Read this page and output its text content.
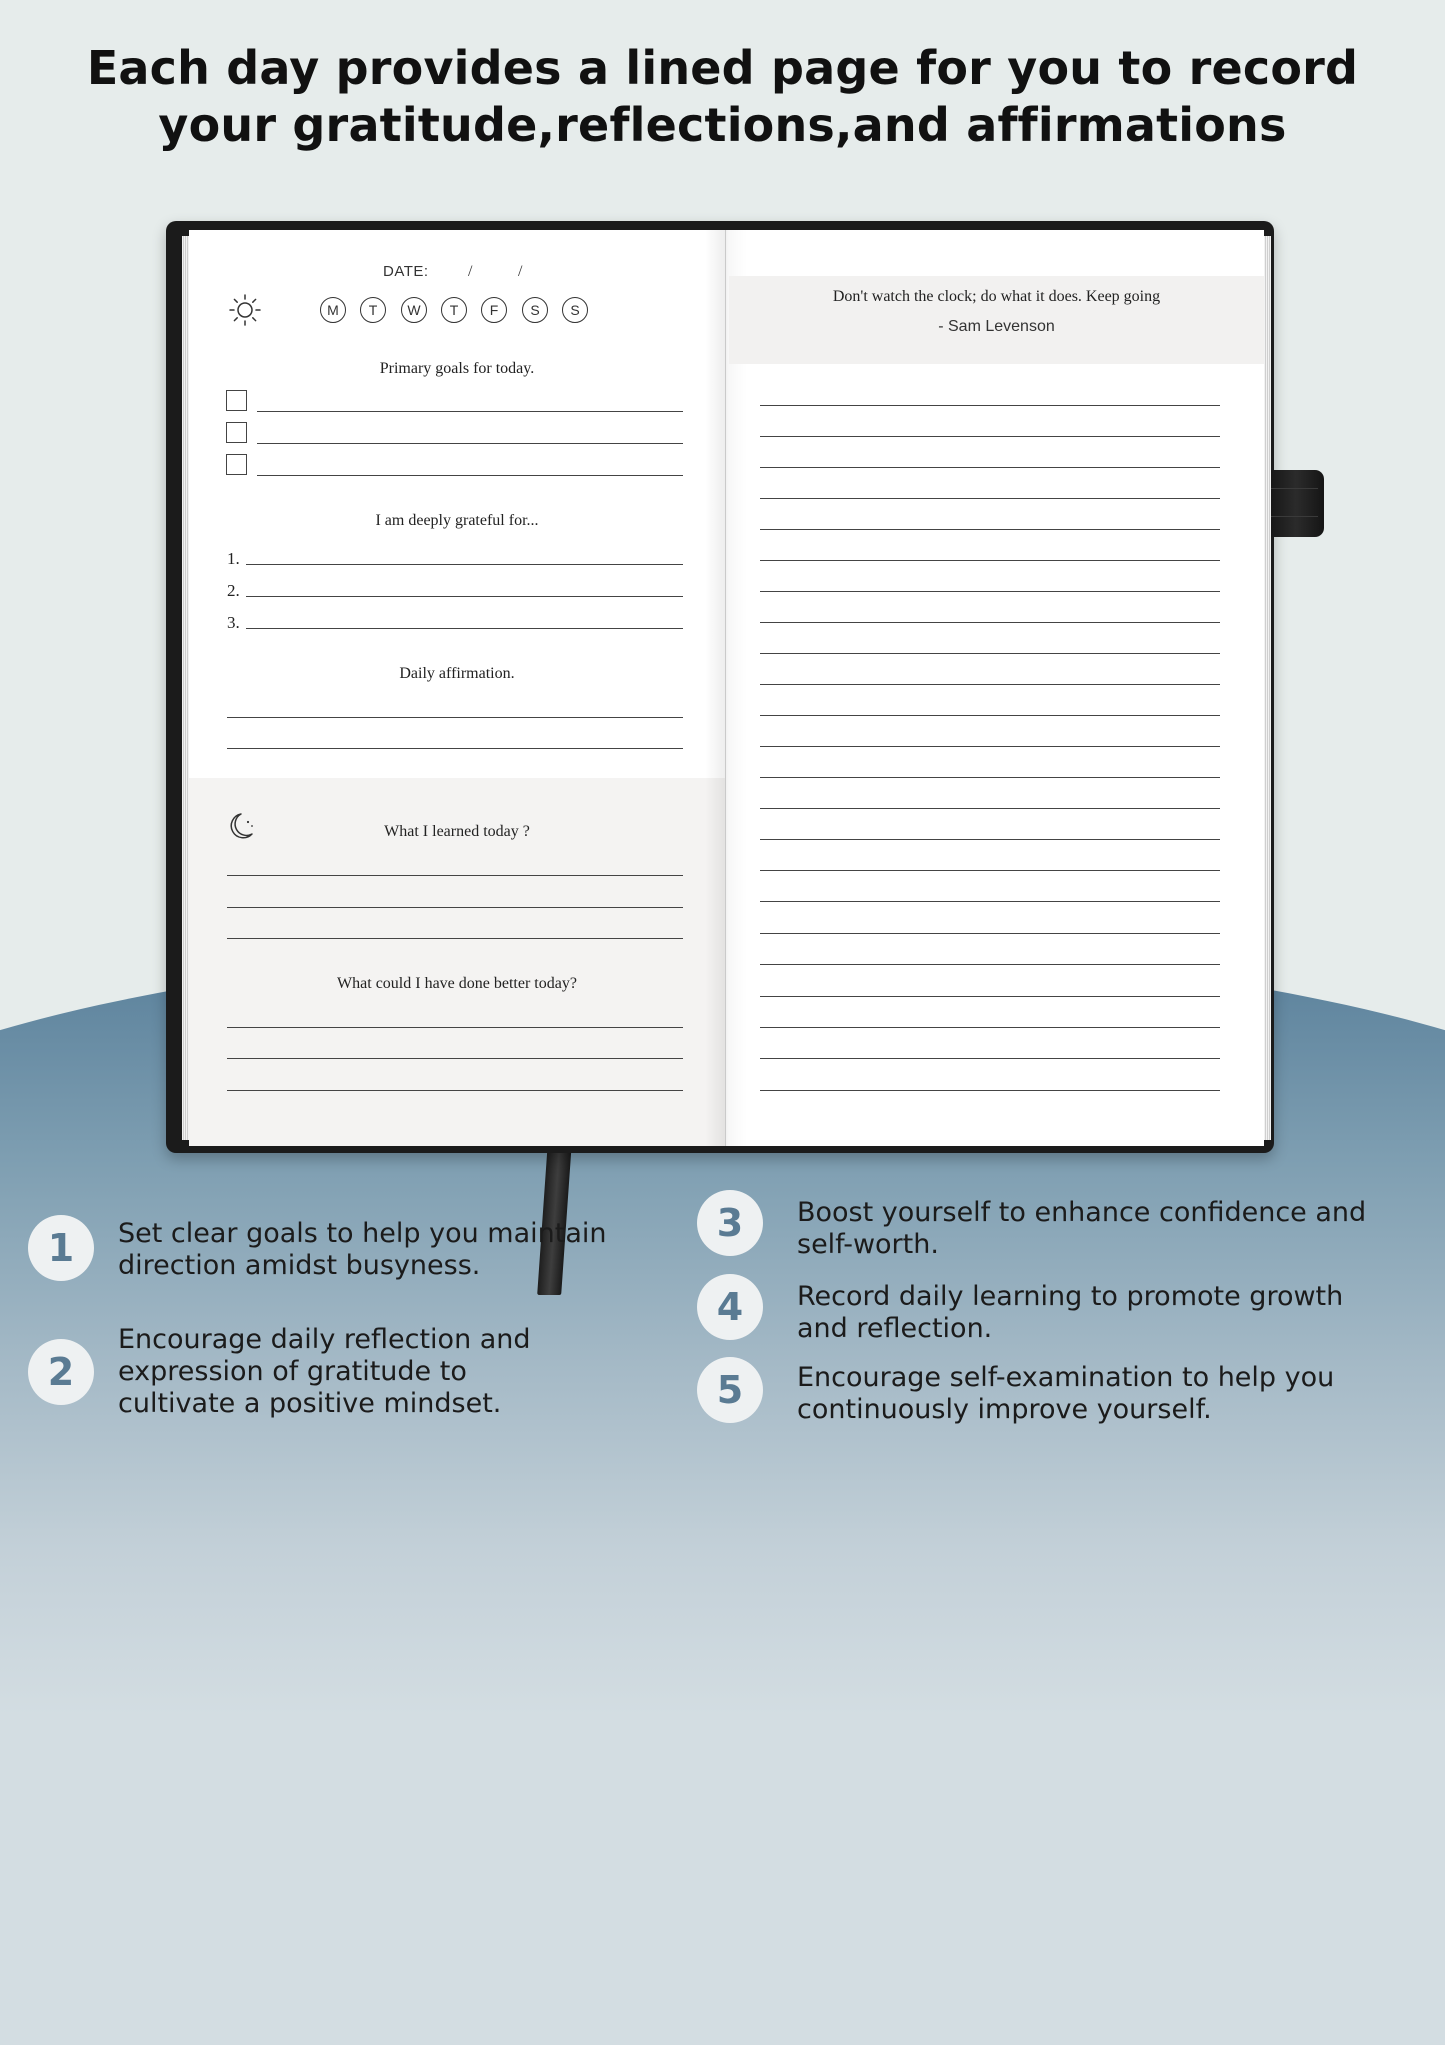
Each day provides a lined page for you to record
your gratitude,reflections,and affirmations
DATE: /	/
M	T	W	T	F	S	S
Primary goals for today.
I am deeply grateful for...
1.
2.
3.
Daily affirmation.
What I learned today ?
What could I have done better today?
Don't watch the clock; do what it does. Keep going
- Sam Levenson
1	Set clear goals to help you maintain
direction amidst busyness.
2
Encourage daily reflection and
expression of gratitude to
cultivate a positive mindset.
3	Boost yourself to enhance confidence and
self-worth.
4	Record daily learning to promote growth
and reflection.
5	Encourage self-examination to help you
continuously improve yourself.
